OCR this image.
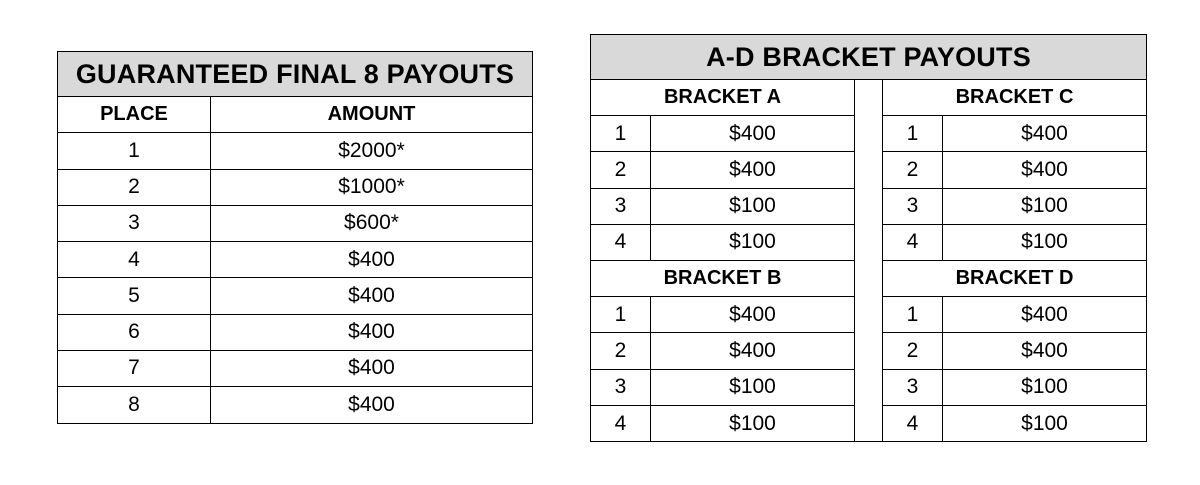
GUARANTEED FINAL 8 PAYOUTS
PLACE	AMOUNT
1	$2000*
2	$1000*
3	$600*
4	$400
5	$400
6	$400
7	$400
8	$400
A-D BRACKET PAYOUTS
BRACKET A
1	$400
2	$400
3	$100
4	$100
BRACKET B
1	$400
2	$400
3	$100
4	$100
BRACKET C
1	$400
2	$400
3	$100
4	$100
BRACKET D
1	$400
2	$400
3	$100
4	$100
